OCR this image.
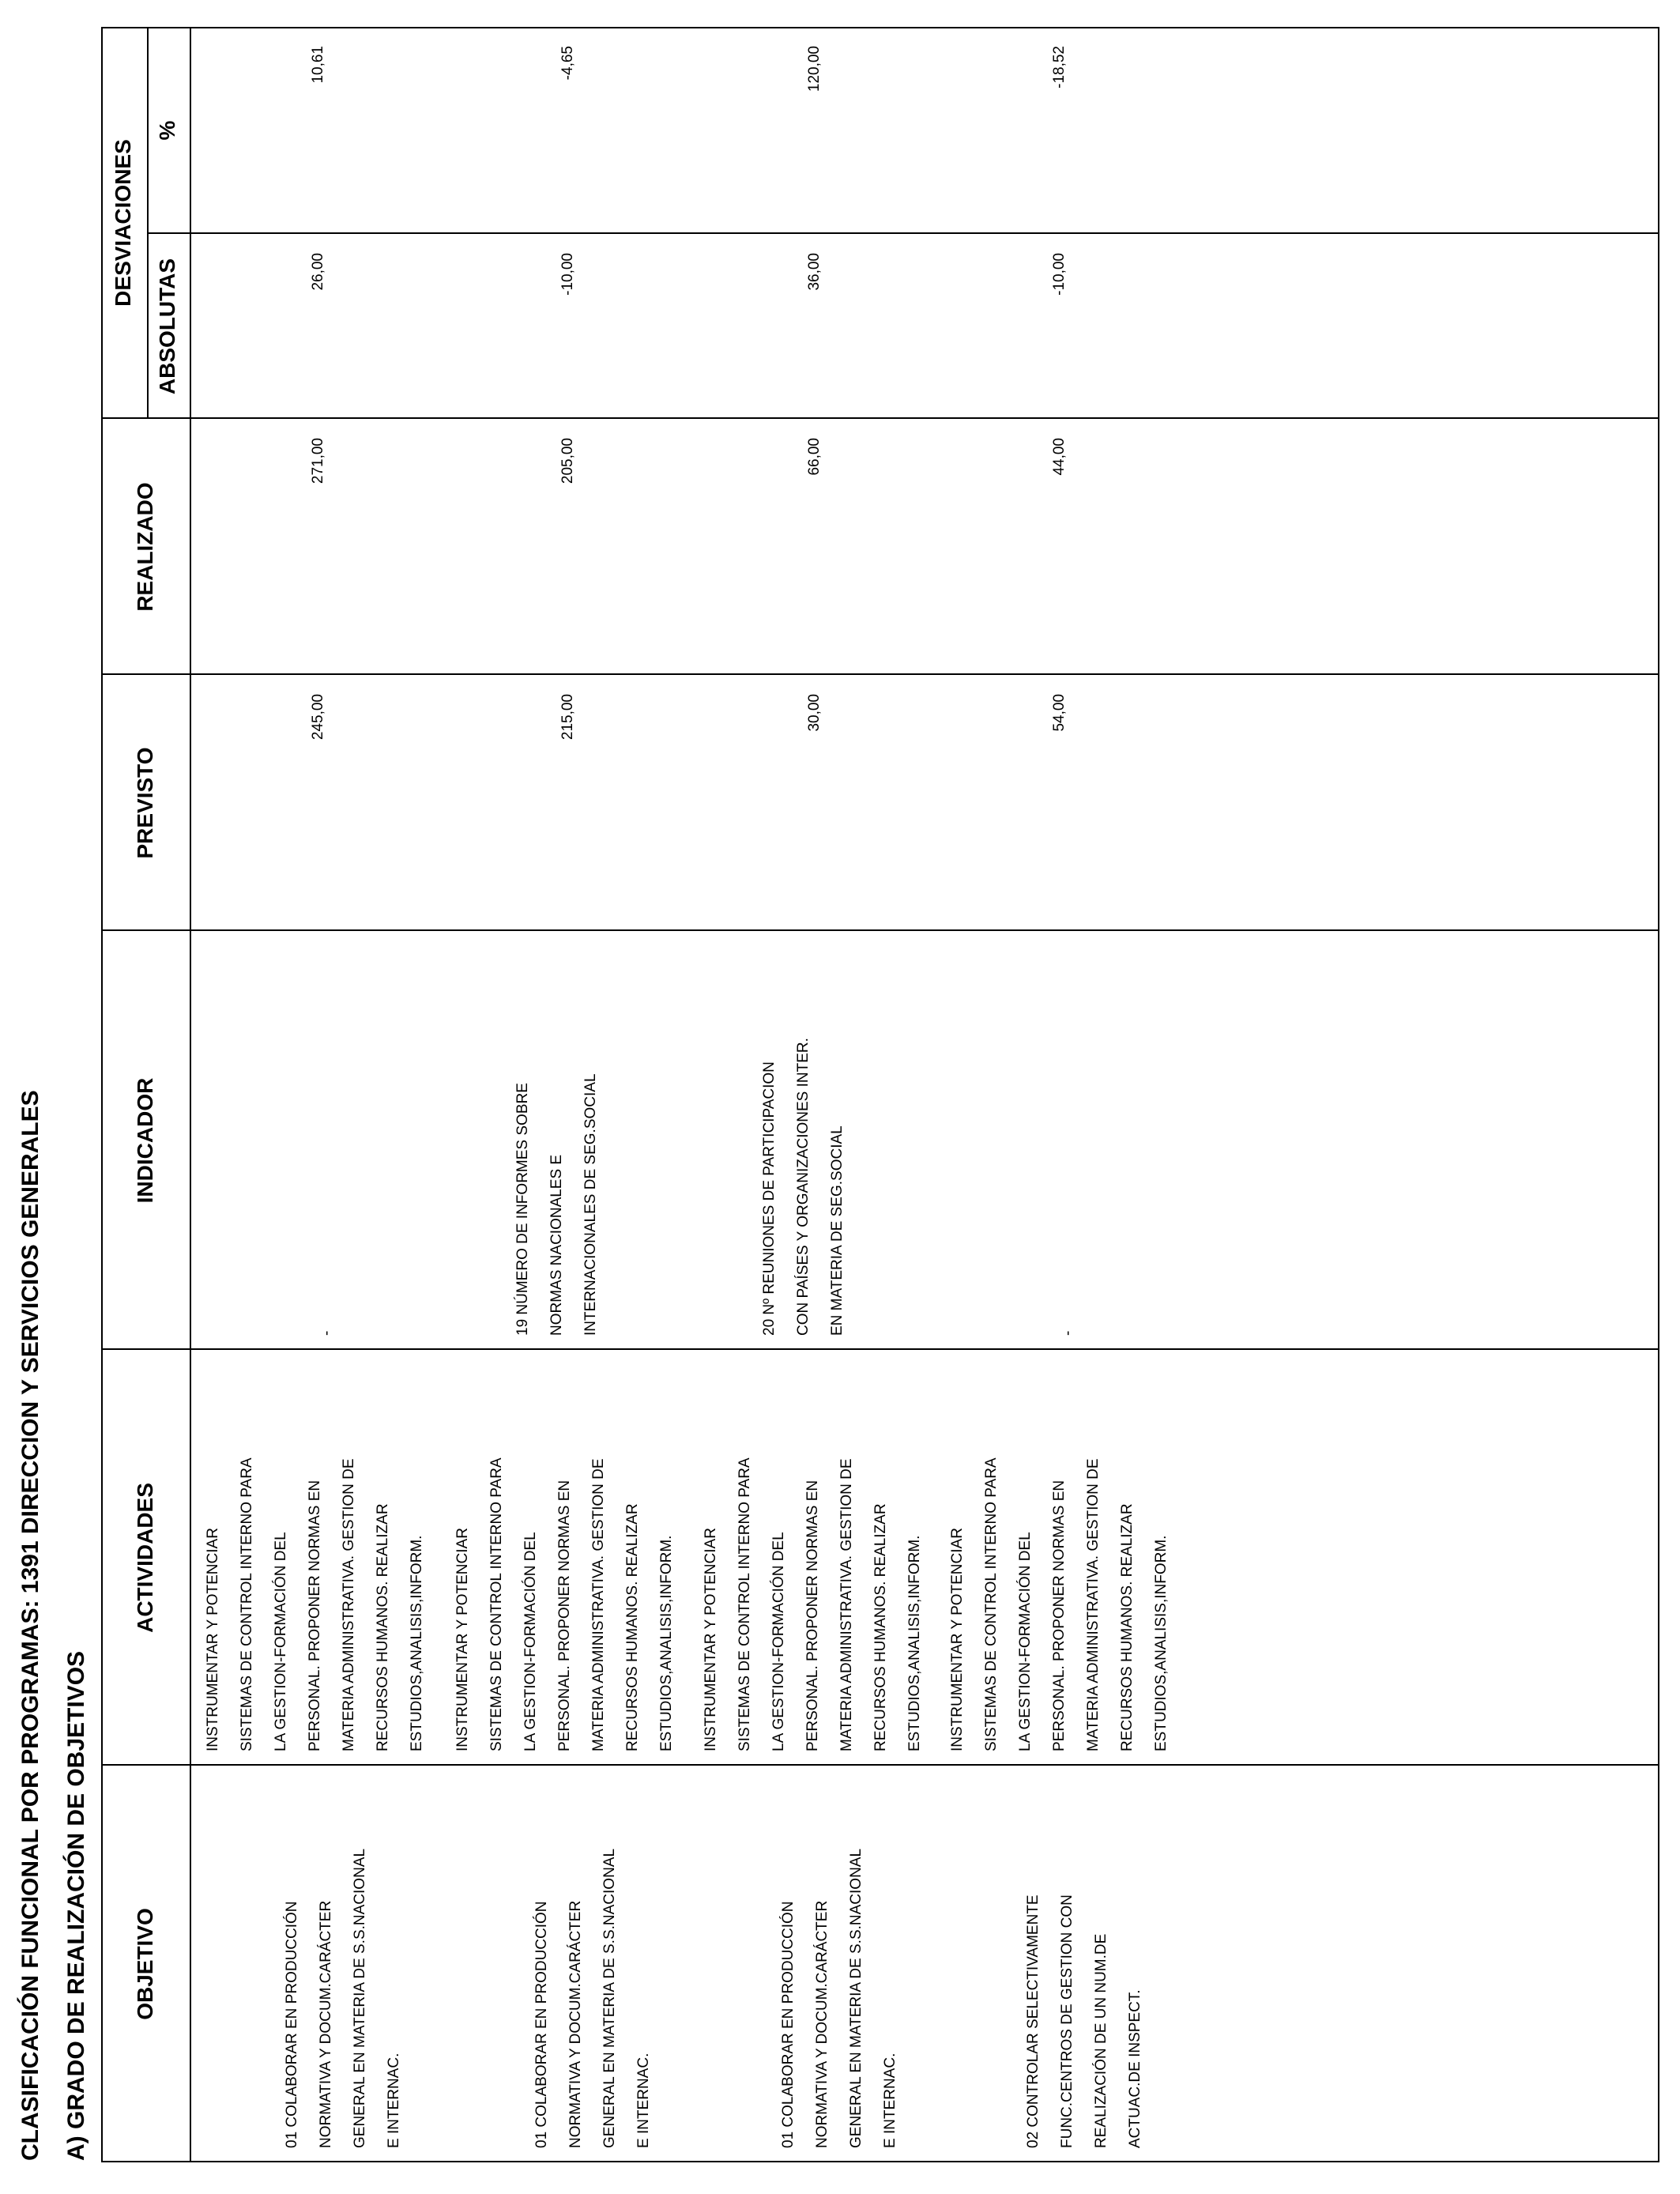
CLASIFICACIÓN FUNCIONAL POR PROGRAMAS: 1391 DIRECCION Y SERVICIOS GENERALES A) GRADO DE REALIZACIÓN DE OBJETIVOS OBJETIVO
ACTIVIDADES
INDICADOR
PREVISTO
REALIZADO
DESVIACIONES
ABSOLUTAS
%
01 COLABORAR EN PRODUCCIÓN	NORMATIVA Y DOCUM.CARÁCTER	GENERAL EN MATERIA DE S.S.NACIONAL	E INTERNAC.
INSTRUMENTAR Y POTENCIAR	SISTEMAS DE CONTROL INTERNO PARA	LA GESTION-FORMACIÓN DEL	PERSONAL. PROPONER NORMAS EN	MATERIA ADMINISTRATIVA. GESTION DE	RECURSOS HUMANOS. REALIZAR	ESTUDIOS,ANALISIS,INFORM.
-
245,00
271,00
26,00
10,61
01 COLABORAR EN PRODUCCIÓN	NORMATIVA Y DOCUM.CARÁCTER	GENERAL EN MATERIA DE S.S.NACIONAL	E INTERNAC.
INSTRUMENTAR Y POTENCIAR	SISTEMAS DE CONTROL INTERNO PARA	LA GESTION-FORMACIÓN DEL	PERSONAL. PROPONER NORMAS EN	MATERIA ADMINISTRATIVA. GESTION DE	RECURSOS HUMANOS. REALIZAR	ESTUDIOS,ANALISIS,INFORM.
19 NÚMERO DE INFORMES SOBRE	NORMAS NACIONALES E	INTERNACIONALES DE SEG.SOCIAL
215,00
205,00
-10,00
-4,65
01 COLABORAR EN PRODUCCIÓN	NORMATIVA Y DOCUM.CARÁCTER	GENERAL EN MATERIA DE S.S.NACIONAL	E INTERNAC.
INSTRUMENTAR Y POTENCIAR	SISTEMAS DE CONTROL INTERNO PARA	LA GESTION-FORMACIÓN DEL	PERSONAL. PROPONER NORMAS EN	MATERIA ADMINISTRATIVA. GESTION DE	RECURSOS HUMANOS. REALIZAR	ESTUDIOS,ANALISIS,INFORM.
20 Nº REUNIONES DE PARTICIPACION	CON PAÍSES Y ORGANIZACIONES INTER.	EN MATERIA DE SEG.SOCIAL
30,00
66,00
36,00
120,00
02 CONTROLAR SELECTIVAMENTE	FUNC.CENTROS DE GESTION CON	REALIZACIÓN DE UN NUM.DE	ACTUAC.DE INSPECT.
INSTRUMENTAR Y POTENCIAR	SISTEMAS DE CONTROL INTERNO PARA	LA GESTION-FORMACIÓN DEL	PERSONAL. PROPONER NORMAS EN	MATERIA ADMINISTRATIVA. GESTION DE	RECURSOS HUMANOS. REALIZAR	ESTUDIOS,ANALISIS,INFORM.
-
54,00
44,00
-10,00
-18,52
